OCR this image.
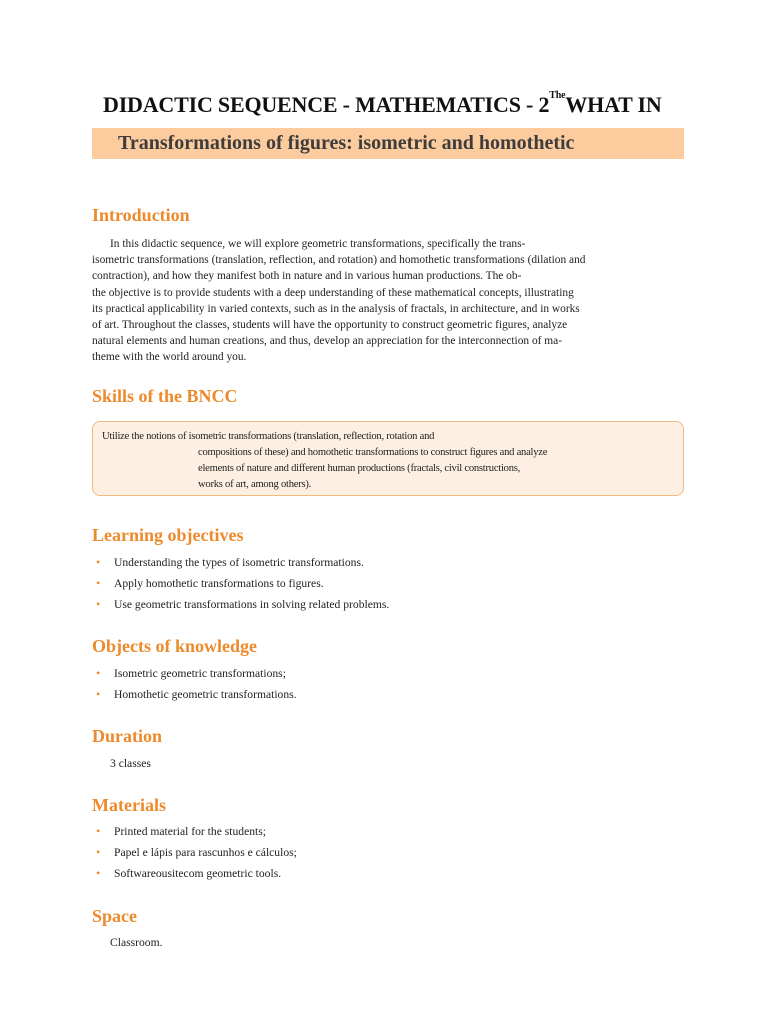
DIDACTIC SEQUENCE - MATHEMATICS - $2^{The}WHAT$ IN
Transformations of figures: isometric and homothetic
Introduction
In this didactic sequence, we will explore geometric transformations, specifically the trans-
isometric transformations (translation, reflection, and rotation) and homothetic transformations (dilation and
contraction), and how they manifest both in nature and in various human productions. The ob-
the objective is to provide students with a deep understanding of these mathematical concepts, illustrating
its practical applicability in varied contexts, such as in the analysis of fractals, in architecture, and in works
of art. Throughout the classes, students will have the opportunity to construct geometric figures, analyze
natural elements and human creations, and thus, develop an appreciation for the interconnection of ma-
theme with the world around you.
Skills of the BNCC
Utilize the notions of isometric transformations (translation, reflection, rotation and
compositions of these) and homothetic transformations to construct figures and analyze
elements of nature and different human productions (fractals, civil constructions,
works of art, among others).
Learning objectives
• Understanding the types of isometric transformations.
• Apply homothetic transformations to figures.
• Use geometric transformations in solving related problems.
Objects of knowledge
• Isometric geometric transformations;
• Homothetic geometric transformations.
Duration
3 classes
Materials
• Printed material for the students;
• Papel e lápis para rascunhos e cálculos;
• Softwareousitecom geometric tools.
Space
Classroom.
